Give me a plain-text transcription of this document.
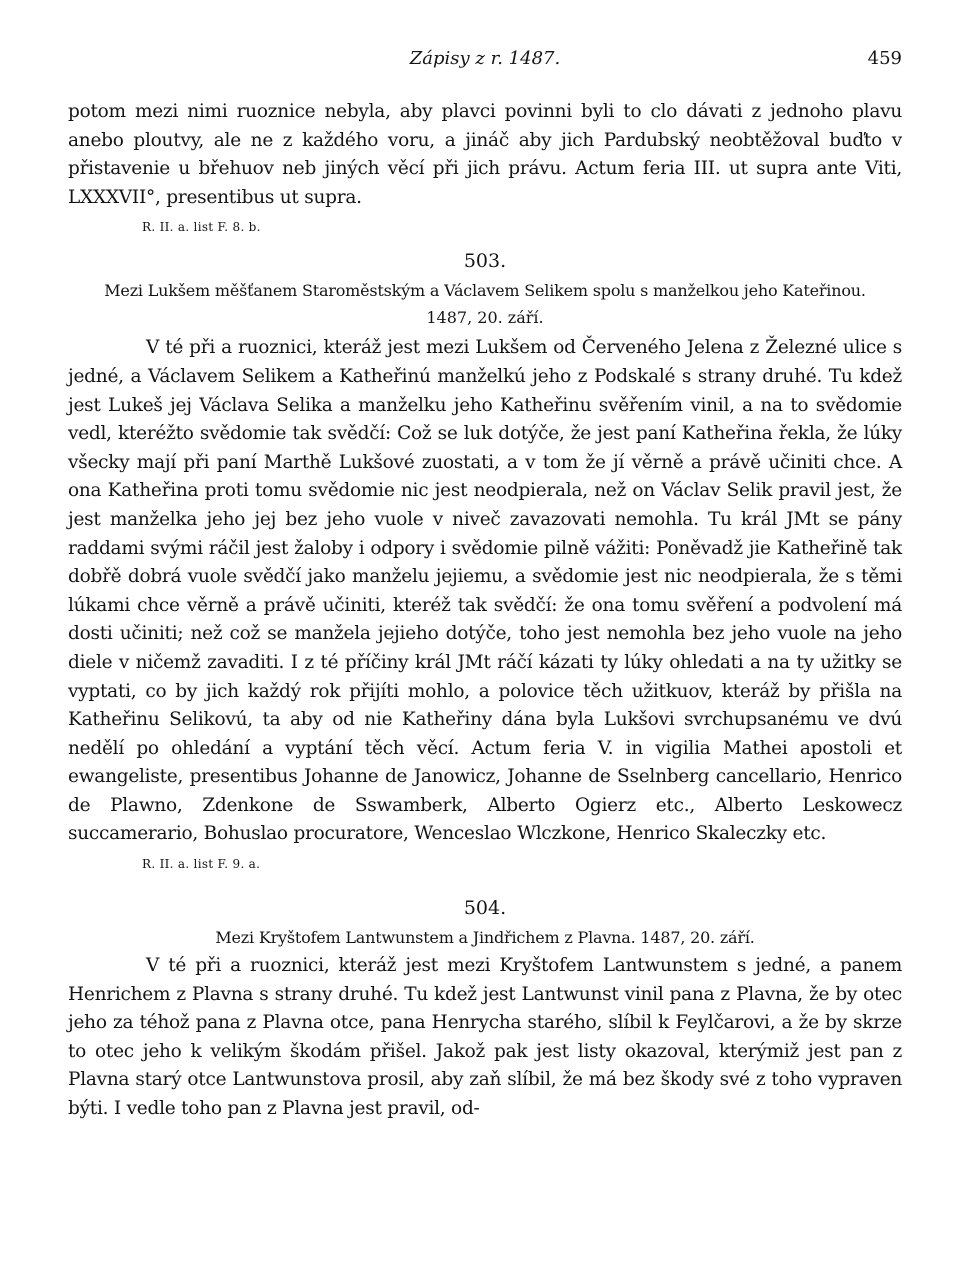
Zápisy z r. 1487.	459

potom mezi nimi ruoznice nebyla, aby plavci povinni byli to clo dávati z jednoho plavu anebo ploutvy, ale ne z každého voru, a jináč aby jich Pardubský neobtěžoval buďto v přistavenie u břehuov neb jiných věcí při jich právu. Actum feria III. ut supra ante Viti, LXXXVII°, presentibus ut supra.

R. II. a. list F. 8. b.
503.
Mezi Lukšem měšťanem Staroměstským a Václavem Selikem spolu s manželkou jeho Kateřinou.
1487, 20. září.

V té při a ruoznici, kteráž jest mezi Lukšem od Červeného Jelena z Železné ulice s jedné, a Václavem Selikem a Katheřinú manželkú jeho z Podskalé s strany druhé. Tu kdež jest Lukeš jej Václava Selika a manželku jeho Katheřinu svěřením vinil, a na to svědomie vedl, kteréžto svědomie tak svědčí: Což se luk dotýče, že jest paní Katheřina řekla, že lúky všecky mají při paní Marthě Lukšové zuostati, a v tom že jí věrně a právě učiniti chce. A ona Katheřina proti tomu svědomie nic jest neodpierala, než on Václav Selik pravil jest, že jest manželka jeho jej bez jeho vuole v niveč zavazovati nemohla. Tu král JMt se pány raddami svými ráčil jest žaloby i odpory i svědomie pilně vážiti: Poněvadž jie Katheřině tak dobřě dobrá vuole svědčí jako manželu jejiemu, a svědomie jest nic neodpierala, že s těmi lúkami chce věrně a právě učiniti, kteréž tak svědčí: že ona tomu svěření a podvolení má dosti učiniti; než což se manžela jejieho dotýče, toho jest nemohla bez jeho vuole na jeho diele v ničemž zavaditi. I z té příčiny král JMt ráčí kázati ty lúky ohledati a na ty užitky se vyptati, co by jich každý rok přijíti mohlo, a polovice těch užitkuov, kteráž by přišla na Katheřinu Selikovú, ta aby od nie Katheřiny dána byla Lukšovi svrchupsanému ve dvú nedělí po ohledání a vyptání těch věcí. Actum feria V. in vigilia Mathei apostoli et ewangeliste, presentibus Johanne de Janowicz, Johanne de Sselnberg cancellario, Henrico de Plawno, Zdenkone de Sswamberk, Alberto Ogierz etc., Alberto Leskowecz succamerario, Bohuslao procuratore, Wenceslao Wlczkone, Henrico Skaleczky etc.

R. II. a. list F. 9. a.
504.
Mezi Kryštofem Lantwunstem a Jindřichem z Plavna. 1487, 20. září.

V té při a ruoznici, kteráž jest mezi Kryštofem Lantwunstem s jedné, a panem Henrichem z Plavna s strany druhé. Tu kdež jest Lantwunst vinil pana z Plavna, že by otec jeho za téhož pana z Plavna otce, pana Henrycha starého, slíbil k Feylčarovi, a že by skrze to otec jeho k velikým škodám přišel. Jakož pak jest listy okazoval, kterýmiž jest pan z Plavna starý otce Lantwunstova prosil, aby zaň slíbil, že má bez škody své z toho vypraven býti. I vedle toho pan z Plavna jest pravil, od-
